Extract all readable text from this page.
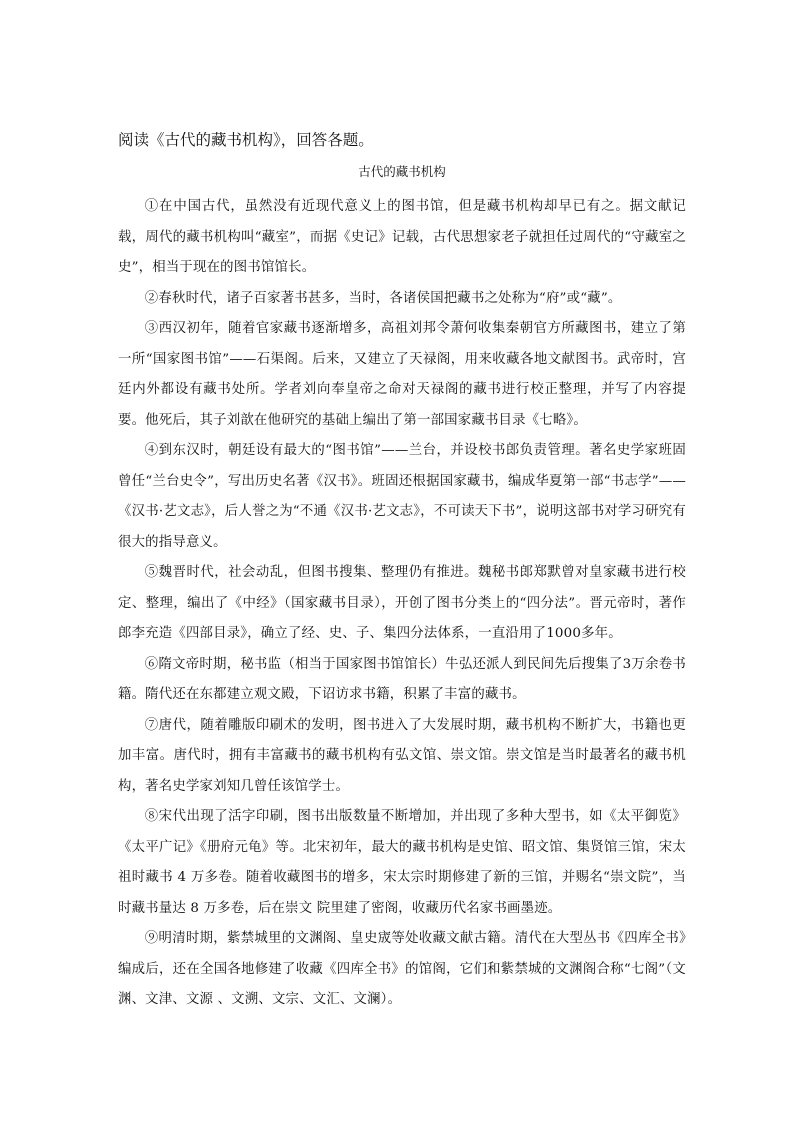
阅读《古代的藏书机构》，回答各题。
古代的藏书机构

①在中国古代，虽然没有近现代意义上的图书馆，但是藏书机构却早已有之。据文献记载，周代的藏书机构叫“藏室”，而据《史记》记载，古代思想家老子就担任过周代的“守藏室之史”，相当于现在的图书馆馆长。

②春秋时代，诸子百家著书甚多，当时，各诸侯国把藏书之处称为“府”或“藏”。

③西汉初年，随着官家藏书逐渐增多，高祖刘邦令萧何收集秦朝官方所藏图书，建立了第一所“国家图书馆”——石渠阁。后来，又建立了天禄阁，用来收藏各地文献图书。武帝时，宫廷内外都设有藏书处所。学者刘向奉皇帝之命对天禄阁的藏书进行校正整理，并写了内容提要。他死后，其子刘歆在他研究的基础上编出了第一部国家藏书目录《七略》。

④到东汉时，朝廷设有最大的“图书馆”——兰台，并设校书郎负责管理。著名史学家班固曾任“兰台史令”，写出历史名著《汉书》。班固还根据国家藏书，编成华夏第一部“书志学”——《汉书·艺文志》，后人誉之为“不通《汉书·艺文志》，不可读天下书”，说明这部书对学习研究有很大的指导意义。

⑤魏晋时代，社会动乱，但图书搜集、整理仍有推进。魏秘书郎郑默曾对皇家藏书进行校定、整理，编出了《中经》（国家藏书目录），开创了图书分类上的“四分法”。晋元帝时，著作郎李充造《四部目录》，确立了经、史、子、集四分法体系，一直沿用了1000多年。

⑥隋文帝时期，秘书监（相当于国家图书馆馆长）牛弘还派人到民间先后搜集了3万余卷书籍。隋代还在东都建立观文殿，下诏访求书籍，积累了丰富的藏书。

⑦唐代，随着雕版印刷术的发明，图书进入了大发展时期，藏书机构不断扩大，书籍也更加丰富。唐代时，拥有丰富藏书的藏书机构有弘文馆、崇文馆。崇文馆是当时最著名的藏书机构，著名史学家刘知几曾任该馆学士。

⑧宋代出现了活字印刷，图书出版数量不断增加，并出现了多种大型书，如《太平御览》《太平广记》《册府元龟》等。北宋初年，最大的藏书机构是史馆、昭文馆、集贤馆三馆，宋太祖时藏书 4 万多卷。随着收藏图书的增多，宋太宗时期修建了新的三馆，并赐名“崇文院”，当时藏书量达 8 万多卷，后在崇文 院里建了密阁，收藏历代名家书画墨迹。

⑨明清时期，紫禁城里的文渊阁、皇史宬等处收藏文献古籍。清代在大型丛书《四库全书》编成后，还在全国各地修建了收藏《四库全书》的馆阁，它们和紫禁城的文渊阁合称“七阁”（文渊、文津、文源 、文溯、文宗、文汇、文澜）。
